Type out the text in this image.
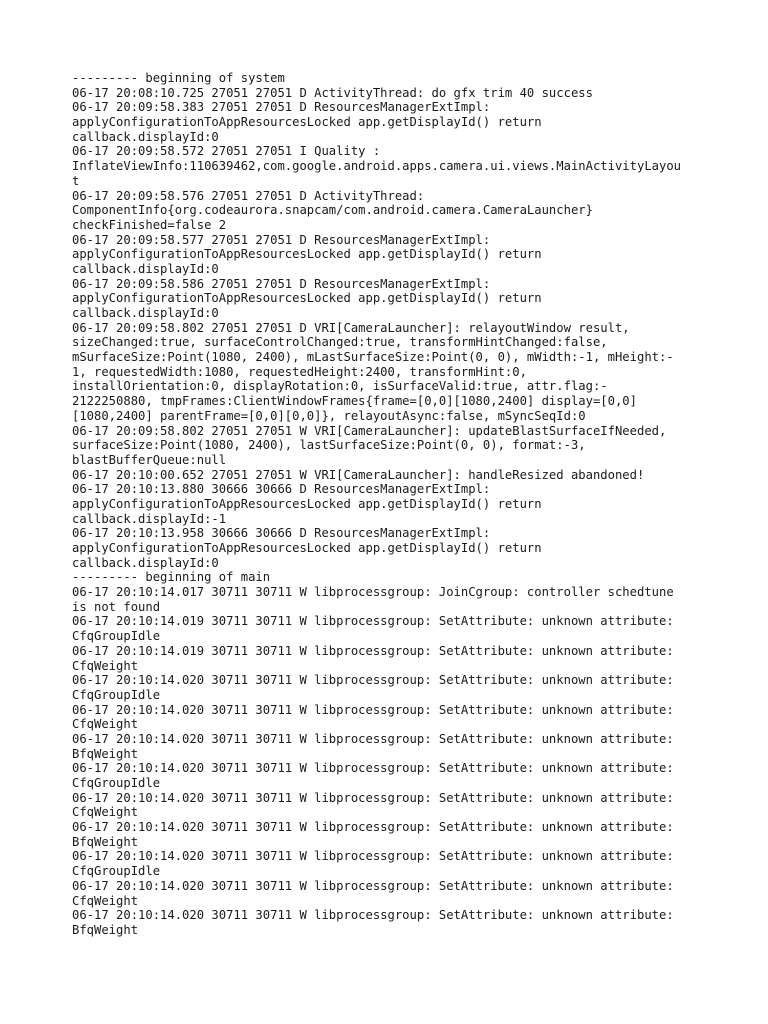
--------- beginning of system
06-17 20:08:10.725 27051 27051 D ActivityThread: do gfx trim 40 success
06-17 20:09:58.383 27051 27051 D ResourcesManagerExtImpl:
applyConfigurationToAppResourcesLocked app.getDisplayId() return
callback.displayId:0
06-17 20:09:58.572 27051 27051 I Quality :
InflateViewInfo:110639462,com.google.android.apps.camera.ui.views.MainActivityLayou
t
06-17 20:09:58.576 27051 27051 D ActivityThread:
ComponentInfo{org.codeaurora.snapcam/com.android.camera.CameraLauncher}
checkFinished=false 2
06-17 20:09:58.577 27051 27051 D ResourcesManagerExtImpl:
applyConfigurationToAppResourcesLocked app.getDisplayId() return
callback.displayId:0
06-17 20:09:58.586 27051 27051 D ResourcesManagerExtImpl:
applyConfigurationToAppResourcesLocked app.getDisplayId() return
callback.displayId:0
06-17 20:09:58.802 27051 27051 D VRI[CameraLauncher]: relayoutWindow result,
sizeChanged:true, surfaceControlChanged:true, transformHintChanged:false,
mSurfaceSize:Point(1080, 2400), mLastSurfaceSize:Point(0, 0), mWidth:-1, mHeight:-
1, requestedWidth:1080, requestedHeight:2400, transformHint:0,
installOrientation:0, displayRotation:0, isSurfaceValid:true, attr.flag:-
2122250880, tmpFrames:ClientWindowFrames{frame=[0,0][1080,2400] display=[0,0]
[1080,2400] parentFrame=[0,0][0,0]}, relayoutAsync:false, mSyncSeqId:0
06-17 20:09:58.802 27051 27051 W VRI[CameraLauncher]: updateBlastSurfaceIfNeeded,
surfaceSize:Point(1080, 2400), lastSurfaceSize:Point(0, 0), format:-3,
blastBufferQueue:null
06-17 20:10:00.652 27051 27051 W VRI[CameraLauncher]: handleResized abandoned!
06-17 20:10:13.880 30666 30666 D ResourcesManagerExtImpl:
applyConfigurationToAppResourcesLocked app.getDisplayId() return
callback.displayId:-1
06-17 20:10:13.958 30666 30666 D ResourcesManagerExtImpl:
applyConfigurationToAppResourcesLocked app.getDisplayId() return
callback.displayId:0
--------- beginning of main
06-17 20:10:14.017 30711 30711 W libprocessgroup: JoinCgroup: controller schedtune
is not found
06-17 20:10:14.019 30711 30711 W libprocessgroup: SetAttribute: unknown attribute:
CfqGroupIdle
06-17 20:10:14.019 30711 30711 W libprocessgroup: SetAttribute: unknown attribute:
CfqWeight
06-17 20:10:14.020 30711 30711 W libprocessgroup: SetAttribute: unknown attribute:
CfqGroupIdle
06-17 20:10:14.020 30711 30711 W libprocessgroup: SetAttribute: unknown attribute:
CfqWeight
06-17 20:10:14.020 30711 30711 W libprocessgroup: SetAttribute: unknown attribute:
BfqWeight
06-17 20:10:14.020 30711 30711 W libprocessgroup: SetAttribute: unknown attribute:
CfqGroupIdle
06-17 20:10:14.020 30711 30711 W libprocessgroup: SetAttribute: unknown attribute:
CfqWeight
06-17 20:10:14.020 30711 30711 W libprocessgroup: SetAttribute: unknown attribute:
BfqWeight
06-17 20:10:14.020 30711 30711 W libprocessgroup: SetAttribute: unknown attribute:
CfqGroupIdle
06-17 20:10:14.020 30711 30711 W libprocessgroup: SetAttribute: unknown attribute:
CfqWeight
06-17 20:10:14.020 30711 30711 W libprocessgroup: SetAttribute: unknown attribute:
BfqWeight
